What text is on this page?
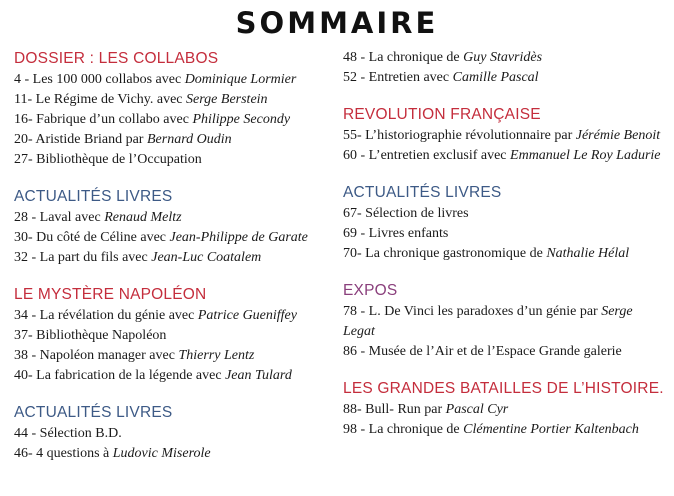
SOMMAIRE
DOSSIER : LES COLLABOS
4 - Les 100 000 collabos avec Dominique Lormier
11- Le Régime de Vichy. avec Serge Berstein
16- Fabrique d’un collabo avec Philippe Secondy
20- Aristide Briand par Bernard Oudin
27- Bibliothèque de l’Occupation
ACTUALITÉS LIVRES
28 - Laval avec Renaud Meltz
30- Du côté de Céline avec Jean-Philippe de Garate
32 - La part du fils avec Jean-Luc Coatalem
LE MYSTÈRE NAPOLÉON
34 - La révélation du génie avec Patrice Gueniffey
37- Bibliothèque Napoléon
38 - Napoléon manager avec Thierry Lentz
40- La fabrication de la légende avec Jean Tulard
ACTUALITÉS LIVRES
44 - Sélection B.D.
46- 4 questions à Ludovic Miserole
48 - La chronique de Guy Stavridès
52 - Entretien avec Camille Pascal
REVOLUTION FRANÇAISE
55- L’historiographie révolutionnaire par Jérémie Benoit
60 - L’entretien exclusif avec Emmanuel Le Roy Ladurie
ACTUALITÉS LIVRES
67- Sélection de livres
69 - Livres enfants
70- La chronique gastronomique de Nathalie Hélal
EXPOS
78 - L. De Vinci les paradoxes d’un génie par Serge Legat
86 - Musée de l’Air et de l’Espace Grande galerie
LES GRANDES BATAILLES DE L’HISTOIRE.
88- Bull- Run par Pascal Cyr
98 - La chronique de Clémentine Portier Kaltenbach
